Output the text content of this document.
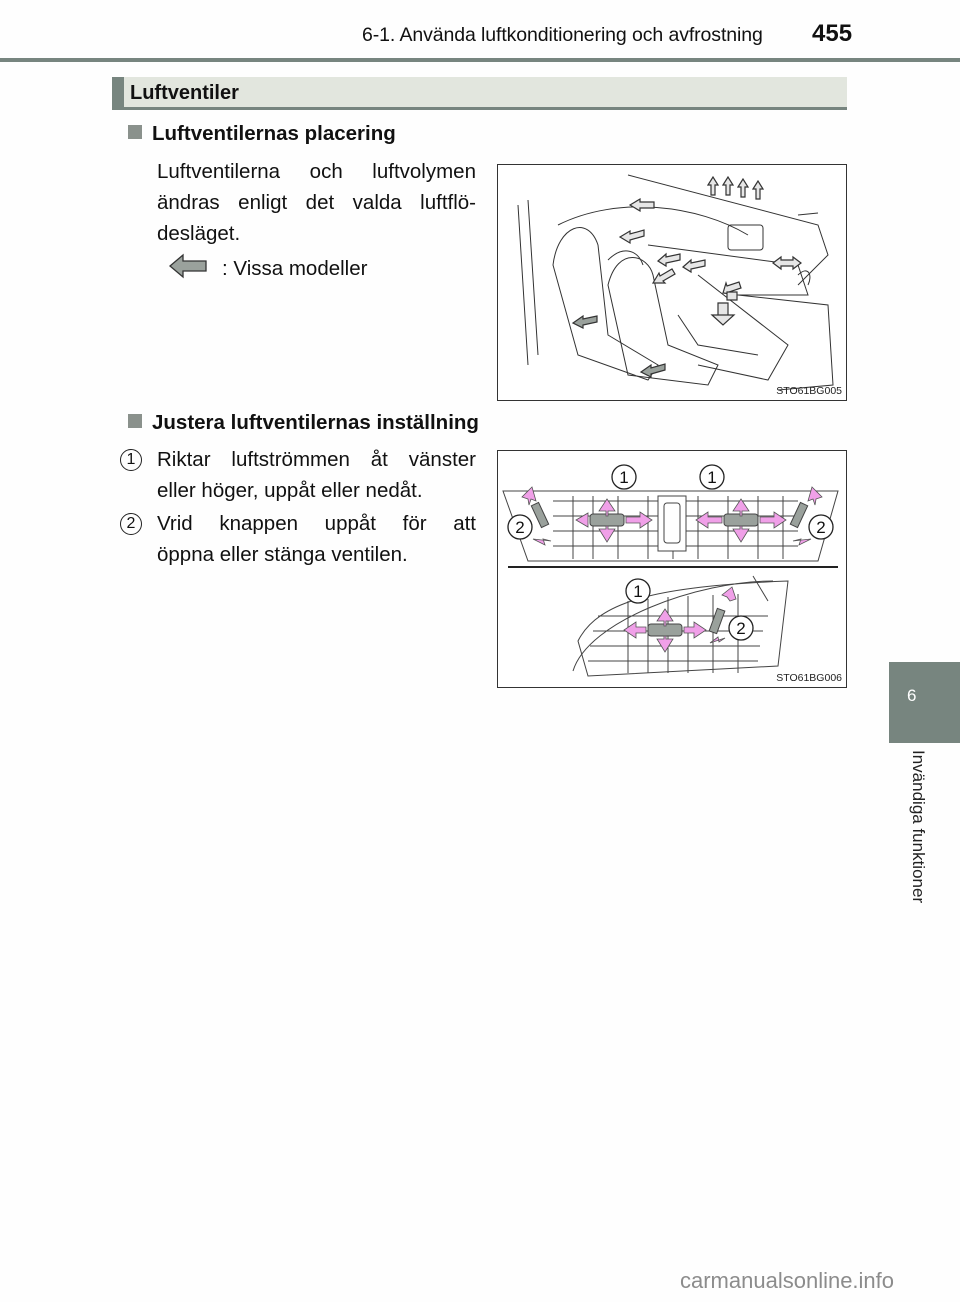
6-1. Använda luftkonditionering och avfrostning 455
6
Invändiga funktioner
Luftventiler
Luftventilernas placering
Luftventilerna och luftvolymen
ändras enligt det valda luftflö-
desläget.
: Vissa modeller
STO61BG005
Justera luftventilernas inställning
1	Riktar luftströmmen åt vänster
eller höger, uppåt eller nedåt.
2	Vrid knappen uppåt för att
öppna eller stänga ventilen.
1	1
2	2
1
2
STO61BG006
carmanualsonline.info
